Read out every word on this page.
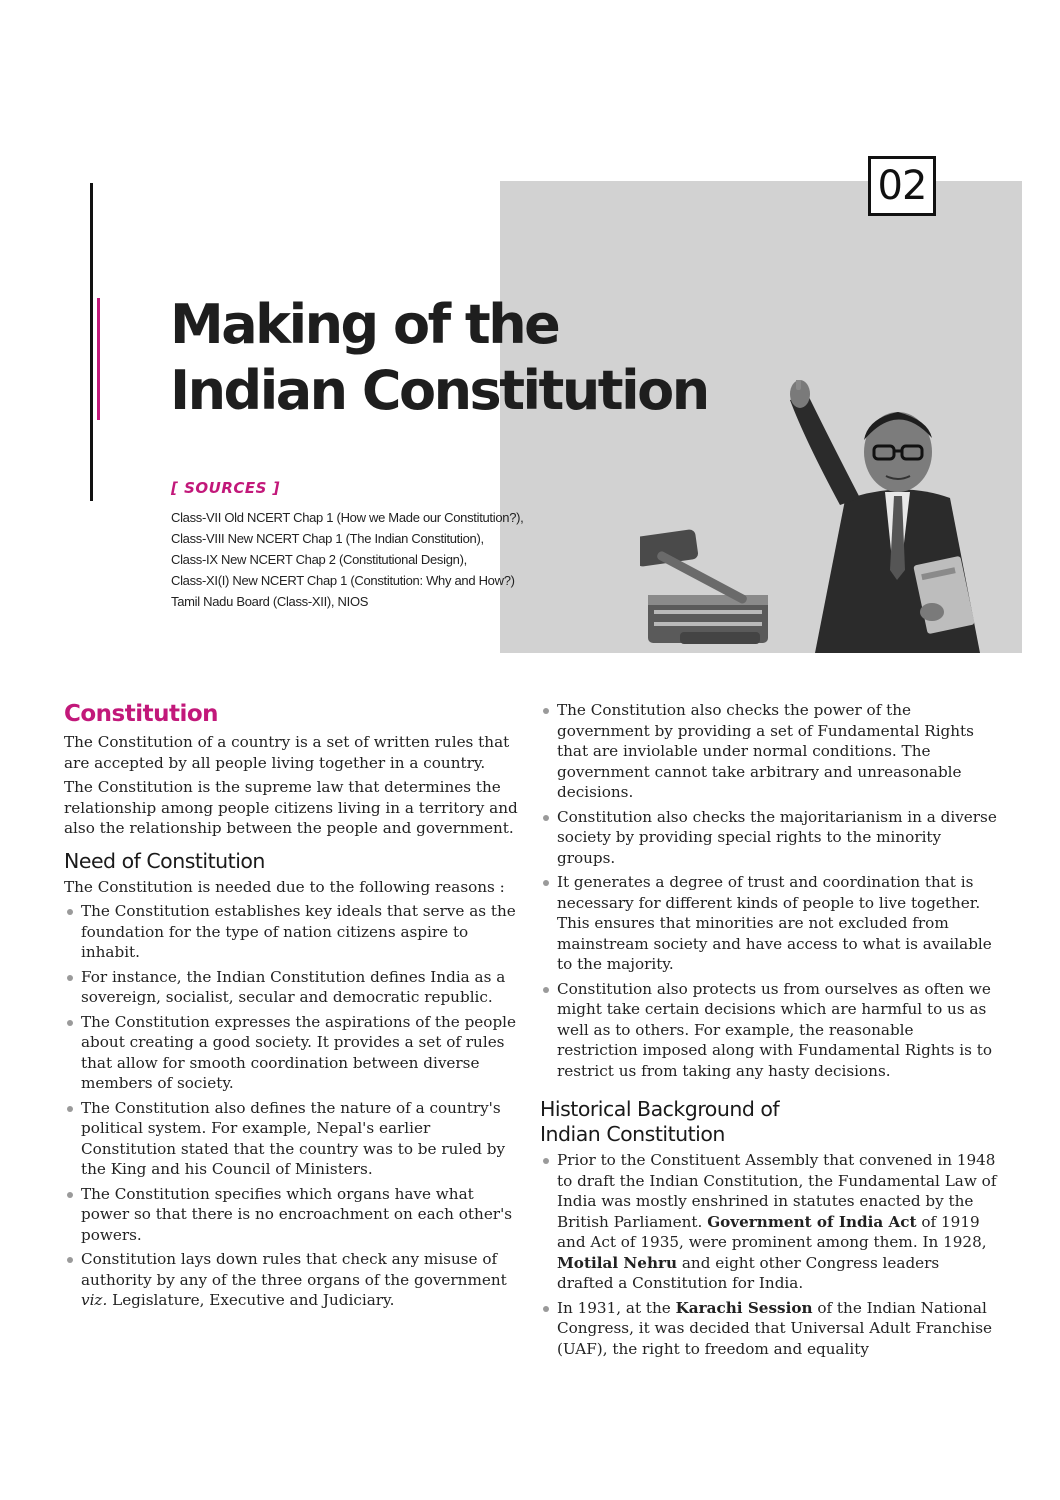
02
Making of the
Indian Constitution
[ SOURCES ]
Class-VII Old NCERT Chap 1 (How we Made our Constitution?),
Class-VIII New NCERT Chap 1 (The Indian Constitution),
Class-IX New NCERT Chap 2 (Constitutional Design),
Class-XI(I) New NCERT Chap 1 (Constitution: Why and How?)
Tamil Nadu Board (Class-XII), NIOS
Constitution

The Constitution of a country is a set of written rules that are accepted by all people living together in a country.

The Constitution is the supreme law that determines the relationship among people citizens living in a territory and also the relationship between the people and government.

Need of Constitution

The Constitution is needed due to the following reasons :

The Constitution establishes key ideals that serve as the foundation for the type of nation citizens aspire to inhabit.
For instance, the Indian Constitution defines India as a sovereign, socialist, secular and democratic republic.
The Constitution expresses the aspirations of the people about creating a good society. It provides a set of rules that allow for smooth coordination between diverse members of society.
The Constitution also defines the nature of a country's political system. For example, Nepal's earlier Constitution stated that the country was to be ruled by the King and his Council of Ministers.
The Constitution specifies which organs have what power so that there is no encroachment on each other's powers.
Constitution lays down rules that check any misuse of authority by any of the three organs of the government viz. Legislature, Executive and Judiciary.
The Constitution also checks the power of the government by providing a set of Fundamental Rights that are inviolable under normal conditions. The government cannot take arbitrary and unreasonable decisions.
Constitution also checks the majoritarianism in a diverse society by providing special rights to the minority groups.
It generates a degree of trust and coordination that is necessary for different kinds of people to live together. This ensures that minorities are not excluded from mainstream society and have access to what is available to the majority.
Constitution also protects us from ourselves as often we might take certain decisions which are harmful to us as well as to others. For example, the reasonable restriction imposed along with Fundamental Rights is to restrict us from taking any hasty decisions.
Historical Background of
Indian Constitution
Prior to the Constituent Assembly that convened in 1948 to draft the Indian Constitution, the Fundamental Law of India was mostly enshrined in statutes enacted by the British Parliament. Government of India Act of 1919 and Act of 1935, were prominent among them. In 1928, Motilal Nehru and eight other Congress leaders drafted a Constitution for India.
In 1931, at the Karachi Session of the Indian National Congress, it was decided that Universal Adult Franchise (UAF), the right to freedom and equality
